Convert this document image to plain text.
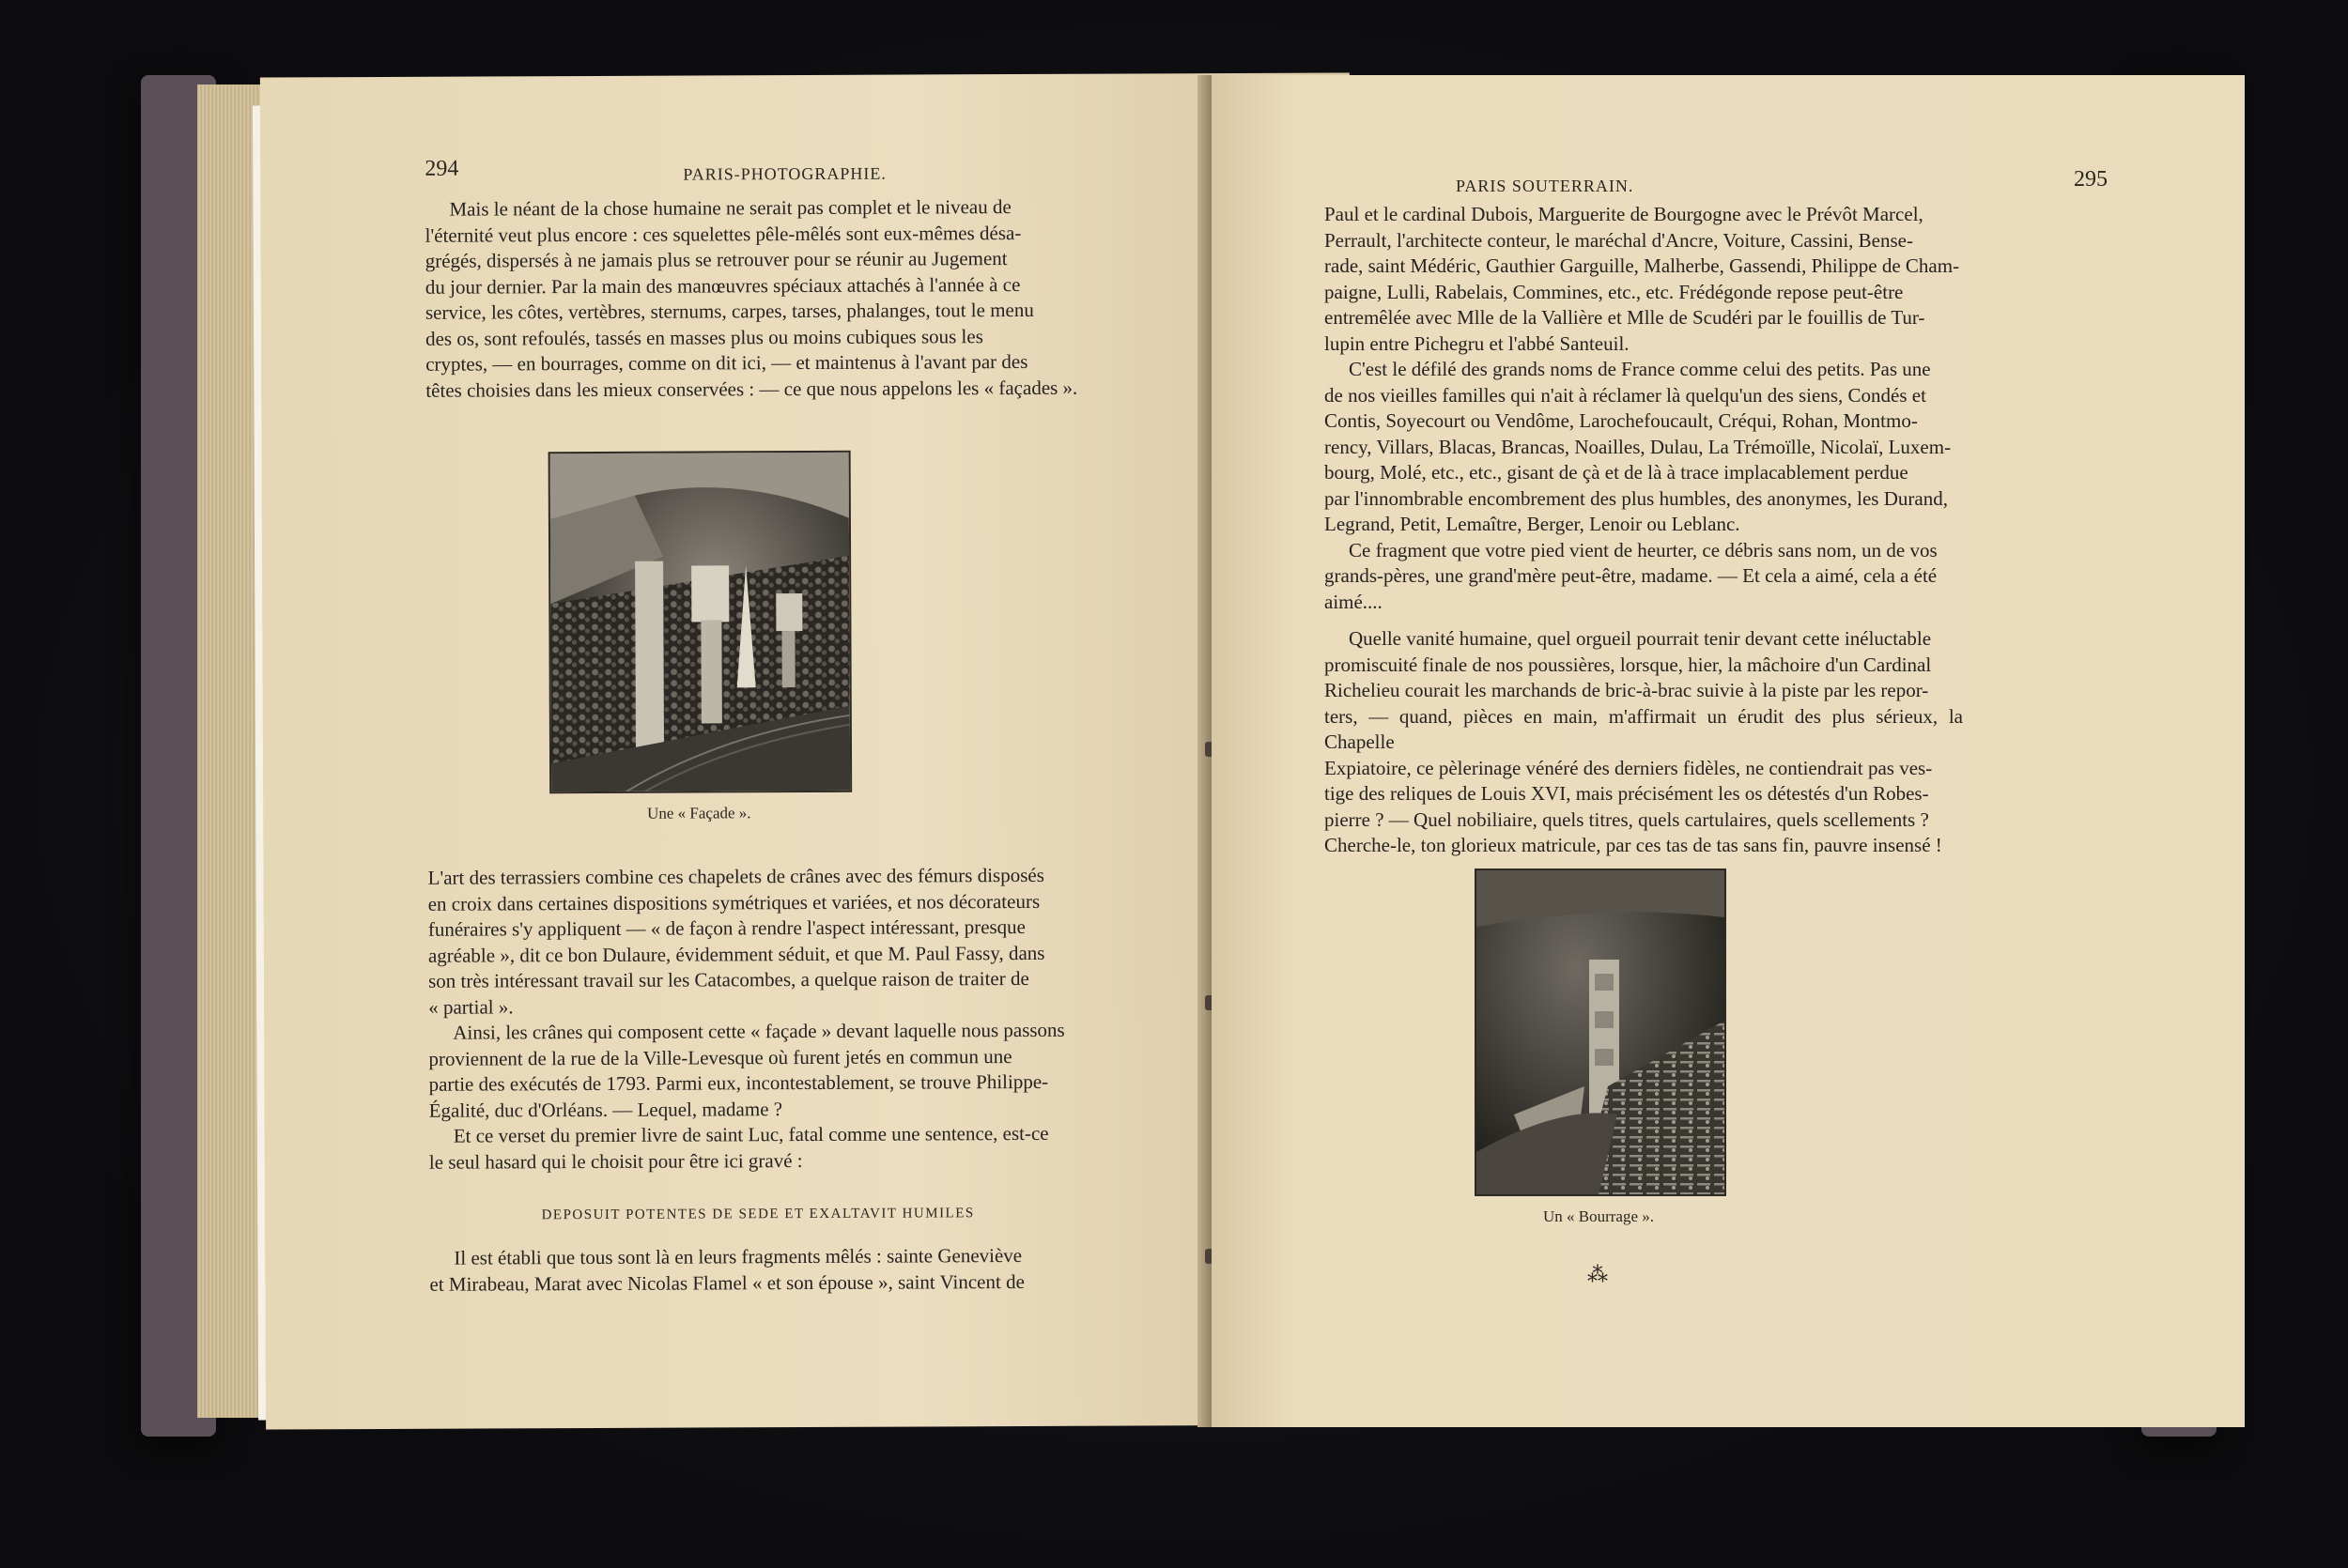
294	PARIS-PHOTOGRAPHIE.

Mais le néant de la chose humaine ne serait pas complet et le niveau de

l'éternité veut plus encore : ces squelettes pêle-mêlés sont eux-mêmes désa-
grégés, dispersés à ne jamais plus se retrouver pour se réunir au Jugement
du jour dernier. Par la main des manœuvres spéciaux attachés à l'année à ce
service, les côtes, vertèbres, sternums, carpes, tarses, phalanges, tout le menu
des os, sont refoulés, tassés en masses plus ou moins cubiques sous les
cryptes, — en bourrages, comme on dit ici, — et maintenus à l'avant par des
têtes choisies dans les mieux conservées : — ce que nous appelons les « façades ».
Une « Façade ».
L'art des terrassiers combine ces chapelets de crânes avec des fémurs disposés
en croix dans certaines dispositions symétriques et variées, et nos décorateurs
funéraires s'y appliquent — « de façon à rendre l'aspect intéressant, presque
agréable », dit ce bon Dulaure, évidemment séduit, et que M. Paul Fassy, dans
son très intéressant travail sur les Catacombes, a quelque raison de traiter de
« partial ».

Ainsi, les crânes qui composent cette « façade » devant laquelle nous passons

proviennent de la rue de la Ville-Levesque où furent jetés en commun une
partie des exécutés de 1793. Parmi eux, incontestablement, se trouve Philippe-
Égalité, duc d'Orléans. — Lequel, madame ?

Et ce verset du premier livre de saint Luc, fatal comme une sentence, est-ce

le seul hasard qui le choisit pour être ici gravé :
DEPOSUIT POTENTES DE SEDE ET EXALTAVIT HUMILES

Il est établi que tous sont là en leurs fragments mêlés : sainte Geneviève

et Mirabeau, Marat avec Nicolas Flamel « et son épouse », saint Vincent de
PARIS SOUTERRAIN.	295
Paul et le cardinal Dubois, Marguerite de Bourgogne avec le Prévôt Marcel,
Perrault, l'architecte conteur, le maréchal d'Ancre, Voiture, Cassini, Bense-
rade, saint Médéric, Gauthier Garguille, Malherbe, Gassendi, Philippe de Cham-
paigne, Lulli, Rabelais, Commines, etc., etc. Frédégonde repose peut-être
entremêlée avec Mlle de la Vallière et Mlle de Scudéri par le fouillis de Tur-
lupin entre Pichegru et l'abbé Santeuil.

C'est le défilé des grands noms de France comme celui des petits. Pas une

de nos vieilles familles qui n'ait à réclamer là quelqu'un des siens, Condés et
Contis, Soyecourt ou Vendôme, Larochefoucault, Créqui, Rohan, Montmo-
rency, Villars, Blacas, Brancas, Noailles, Dulau, La Trémoïlle, Nicolaï, Luxem-
bourg, Molé, etc., etc., gisant de çà et de là à trace implacablement perdue
par l'innombrable encombrement des plus humbles, des anonymes, les Durand,
Legrand, Petit, Lemaître, Berger, Lenoir ou Leblanc.

Ce fragment que votre pied vient de heurter, ce débris sans nom, un de vos

grands-pères, une grand'mère peut-être, madame. — Et cela a aimé, cela a été
aimé....

Quelle vanité humaine, quel orgueil pourrait tenir devant cette inéluctable

promiscuité finale de nos poussières, lorsque, hier, la mâchoire d'un Cardinal
Richelieu courait les marchands de bric-à-brac suivie à la piste par les repor-
ters, — quand, pièces en main, m'affirmait un érudit des plus sérieux, la Chapelle
Expiatoire, ce pèlerinage vénéré des derniers fidèles, ne contiendrait pas ves-
tige des reliques de Louis XVI, mais précisément les os détestés d'un Robes-
pierre ? — Quel nobiliaire, quels titres, quels cartulaires, quels scellements ?
Cherche-le, ton glorieux matricule, par ces tas de tas sans fin, pauvre insensé !
Un « Bourrage ».
⁂
